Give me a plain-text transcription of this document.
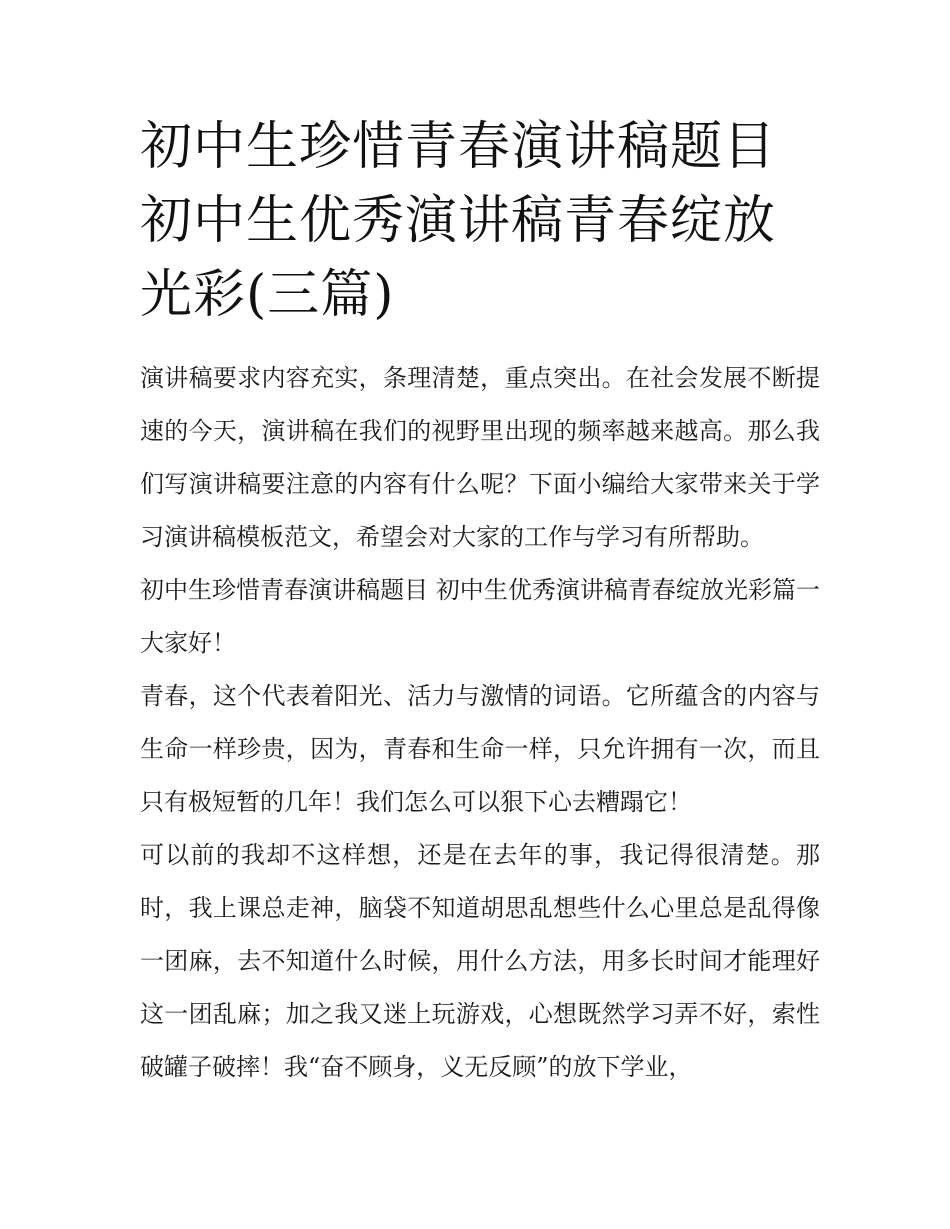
初中生珍惜青春演讲稿题目 初中生优秀演讲稿青春绽放光彩(三篇)

演讲稿要求内容充实，条理清楚，重点突出。在社会发展不断提速的今天，演讲稿在我们的视野里出现的频率越来越高。那么我们写演讲稿要注意的内容有什么呢？下面小编给大家带来关于学习演讲稿模板范文，希望会对大家的工作与学习有所帮助。

初中生珍惜青春演讲稿题目 初中生优秀演讲稿青春绽放光彩篇一 大家好！

青春，这个代表着阳光、活力与激情的词语。它所蕴含的内容与生命一样珍贵，因为，青春和生命一样，只允许拥有一次，而且只有极短暂的几年！我们怎么可以狠下心去糟蹋它！

可以前的我却不这样想，还是在去年的事，我记得很清楚。那时，我上课总走神，脑袋不知道胡思乱想些什么心里总是乱得像一团麻，去不知道什么时候，用什么方法，用多长时间才能理好这一团乱麻；加之我又迷上玩游戏，心想既然学习弄不好，索性破罐子破摔！我“奋不顾身，义无反顾”的放下学业，
